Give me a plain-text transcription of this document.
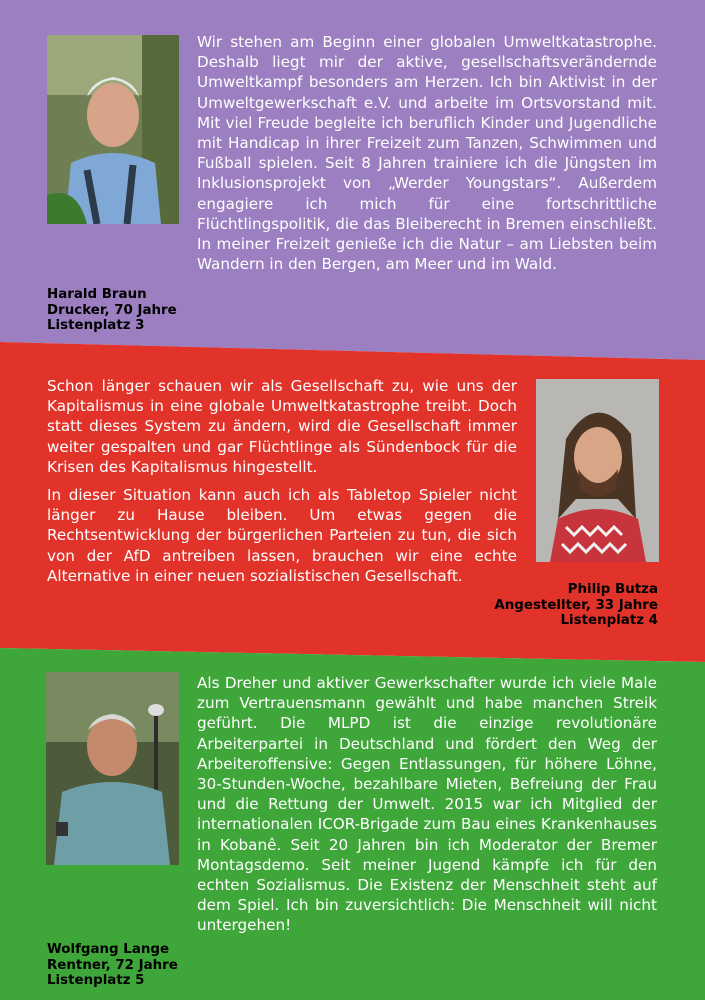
Wir stehen am Beginn einer globalen Umweltkatastrophe. Deshalb liegt mir der aktive, gesellschaftsverändernde Umweltkampf besonders am Herzen. Ich bin Aktivist in der Umweltgewerkschaft e.V. und arbeite im Ortsvorstand mit. Mit viel Freude begleite ich beruflich Kinder und Jugendliche mit Handicap in ihrer Freizeit zum Tanzen, Schwimmen und Fußball spielen. Seit 8 Jahren trainiere ich die Jüngsten im Inklusionsprojekt von „Werder Youngstars“. Außerdem engagiere ich mich für eine fortschrittliche Flüchtlingspolitik, die das Bleiberecht in Bremen einschließt. In meiner Freizeit genieße ich die Natur – am Liebsten beim Wandern in den Bergen, am Meer und im Wald.
Harald Braun
Drucker, 70 Jahre
Listenplatz 3

Schon länger schauen wir als Gesellschaft zu, wie uns der Kapitalismus in eine globale Umweltkatastrophe treibt. Doch statt dieses System zu ändern, wird die Gesellschaft immer weiter gespalten und gar Flüchtlinge als Sündenbock für die Krisen des Kapitalismus hingestellt.

In dieser Situation kann auch ich als Tabletop Spieler nicht länger zu Hause bleiben. Um etwas gegen die Rechtsentwicklung der bürgerlichen Parteien zu tun, die sich von der AfD antreiben lassen, brauchen wir eine echte Alternative in einer neuen sozialistischen Gesellschaft.

Philip Butza
Angestellter, 33 Jahre
Listenplatz 4
Als Dreher und aktiver Gewerkschafter wurde ich viele Male zum Vertrauensmann gewählt und habe manchen Streik geführt. Die MLPD ist die einzige revolutionäre Arbeiterpartei in Deutschland und fördert den Weg der Arbeiteroffensive: Gegen Entlassungen, für höhere Löhne, 30-Stunden-Woche, bezahlbare Mieten, Befreiung der Frau und die Rettung der Umwelt. 2015 war ich Mitglied der internationalen ICOR-Brigade zum Bau eines Krankenhauses in Kobanê. Seit 20 Jahren bin ich Moderator der Bremer Montagsdemo. Seit meiner Jugend kämpfe ich für den echten Sozialismus. Die Existenz der Menschheit steht auf dem Spiel. Ich bin zuversichtlich: Die Menschheit will nicht untergehen!
Wolfgang Lange
Rentner, 72 Jahre
Listenplatz 5
